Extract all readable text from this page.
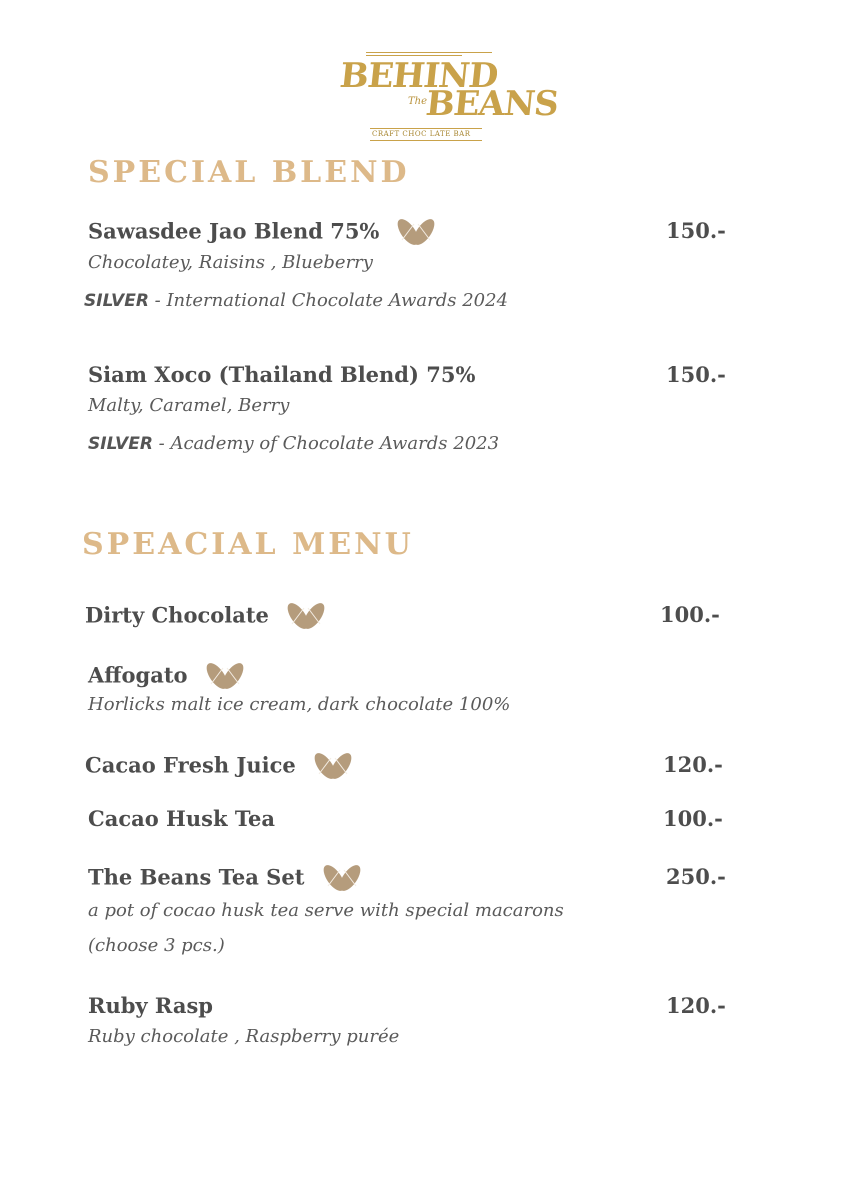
BEHIND
The
BEANS
CRAFT CHOC LATE BAR
SPECIAL BLEND
Sawasdee Jao Blend 75%	150.-
Chocolatey, Raisins , Blueberry
SILVER - International Chocolate Awards 2024
Siam Xoco (Thailand Blend) 75%	150.-
Malty, Caramel, Berry
SILVER - Academy of Chocolate Awards 2023
SPEACIAL MENU
Dirty Chocolate	100.-
Affogato
Horlicks malt ice cream, dark chocolate 100%
Cacao Fresh Juice	120.-
Cacao Husk Tea	100.-
The Beans Tea Set	250.-
a pot of cocao husk tea serve with special macarons
(choose 3 pcs.)
Ruby Rasp	120.-
Ruby chocolate , Raspberry purée
